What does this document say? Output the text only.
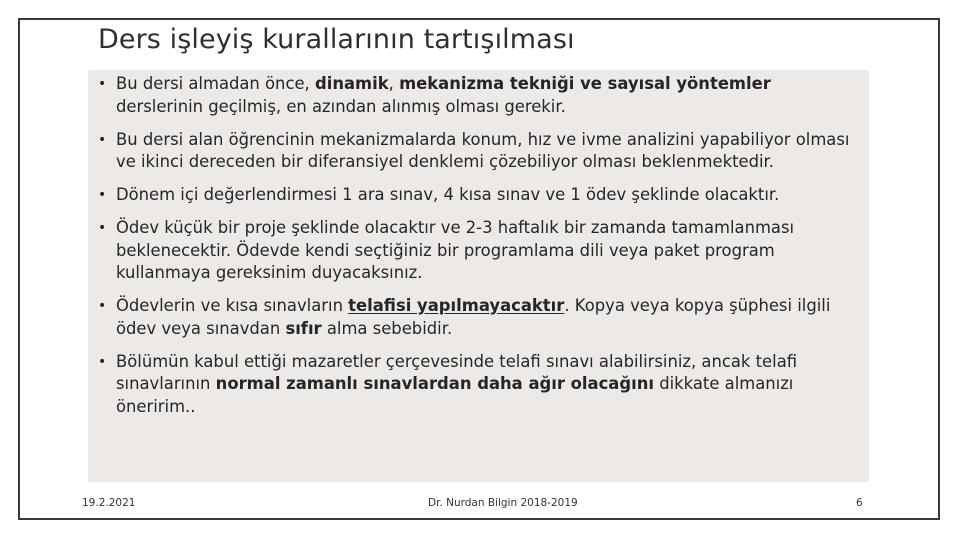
Ders işleyiş kurallarının tartışılması
• Bu dersi almadan önce, dinamik, mekanizma tekniği ve sayısal yöntemler derslerinin geçilmiş, en azından alınmış olması gerekir.
• Bu dersi alan öğrencinin mekanizmalarda konum, hız ve ivme analizini yapabiliyor olması ve ikinci dereceden bir diferansiyel denklemi çözebiliyor olması beklenmektedir.
• Dönem içi değerlendirmesi 1 ara sınav, 4 kısa sınav ve 1 ödev şeklinde olacaktır.
• Ödev küçük bir proje şeklinde olacaktır ve 2-3 haftalık bir zamanda tamamlanması beklenecektir. Ödevde kendi seçtiğiniz bir programlama dili veya paket program kullanmaya gereksinim duyacaksınız.
• Ödevlerin ve kısa sınavların telafisi yapılmayacaktır. Kopya veya kopya şüphesi ilgili ödev veya sınavdan sıfır alma sebebidir.
• Bölümün kabul ettiği mazaretler çerçevesinde telafi sınavı alabilirsiniz, ancak telafi sınavlarının normal zamanlı sınavlardan daha ağır olacağını dikkate almanızı öneririm..
19.2.2021	Dr. Nurdan Bilgin 2018-2019	6
